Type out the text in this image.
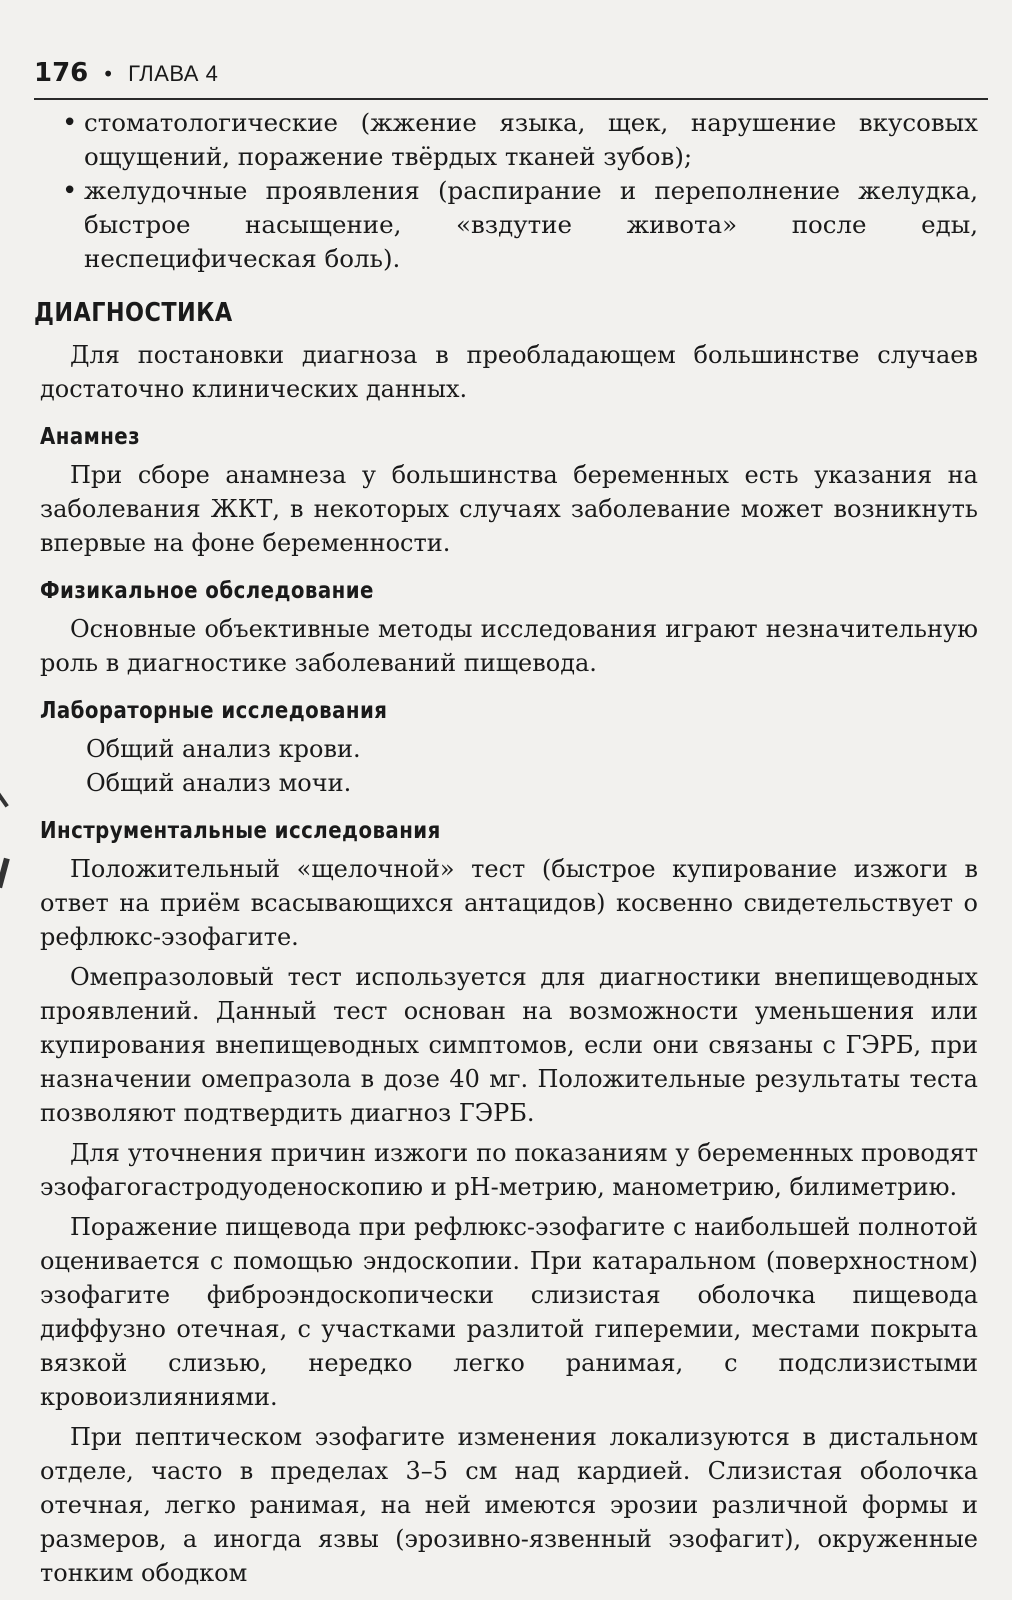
176 • ГЛАВА 4
• стоматологические (жжение языка, щек, нарушение вкусовых ощущений, поражение твёрдых тканей зубов);
• желудочные проявления (распирание и переполнение желудка, быстрое насыщение, «вздутие живота» после еды, неспецифическая боль).
ДИАГНОСТИКА

Для постановки диагноза в преобладающем большинстве случаев достаточно клинических данных.

Анамнез

При сборе анамнеза у большинства беременных есть указания на заболевания ЖКТ, в некоторых случаях заболевание может возникнуть впервые на фоне беременности.

Физикальное обследование

Основные объективные методы исследования играют незначительную роль в диагностике заболеваний пищевода.

Лабораторные исследования

Общий анализ крови.

Общий анализ мочи.

Инструментальные исследования

Положительный «щелочной» тест (быстрое купирование изжоги в ответ на приём всасывающихся антацидов) косвенно свидетельствует о рефлюкс-эзофагите.

Омепразоловый тест используется для диагностики внепищеводных проявлений. Данный тест основан на возможности уменьшения или купирования внепищеводных симптомов, если они связаны с ГЭРБ, при назначении омепразола в дозе 40 мг. Положительные результаты теста позволяют подтвердить диагноз ГЭРБ.

Для уточнения причин изжоги по показаниям у беременных проводят эзофагогастродуоденоскопию и pH-метрию, манометрию, билиметрию.

Поражение пищевода при рефлюкс-эзофагите с наибольшей полнотой оценивается с помощью эндоскопии. При катаральном (поверхностном) эзофагите фиброэндоскопически слизистая оболочка пищевода диффузно отечная, с участками разлитой гиперемии, местами покрыта вязкой слизью, нередко легко ранимая, с подслизистыми кровоизлияниями.

При пептическом эзофагите изменения локализуются в дистальном отделе, часто в пределах 3–5 см над кардией. Слизистая оболочка отечная, легко ранимая, на ней имеются эрозии различной формы и размеров, а иногда язвы (эрозивно-язвенный эзофагит), окруженные тонким ободком
